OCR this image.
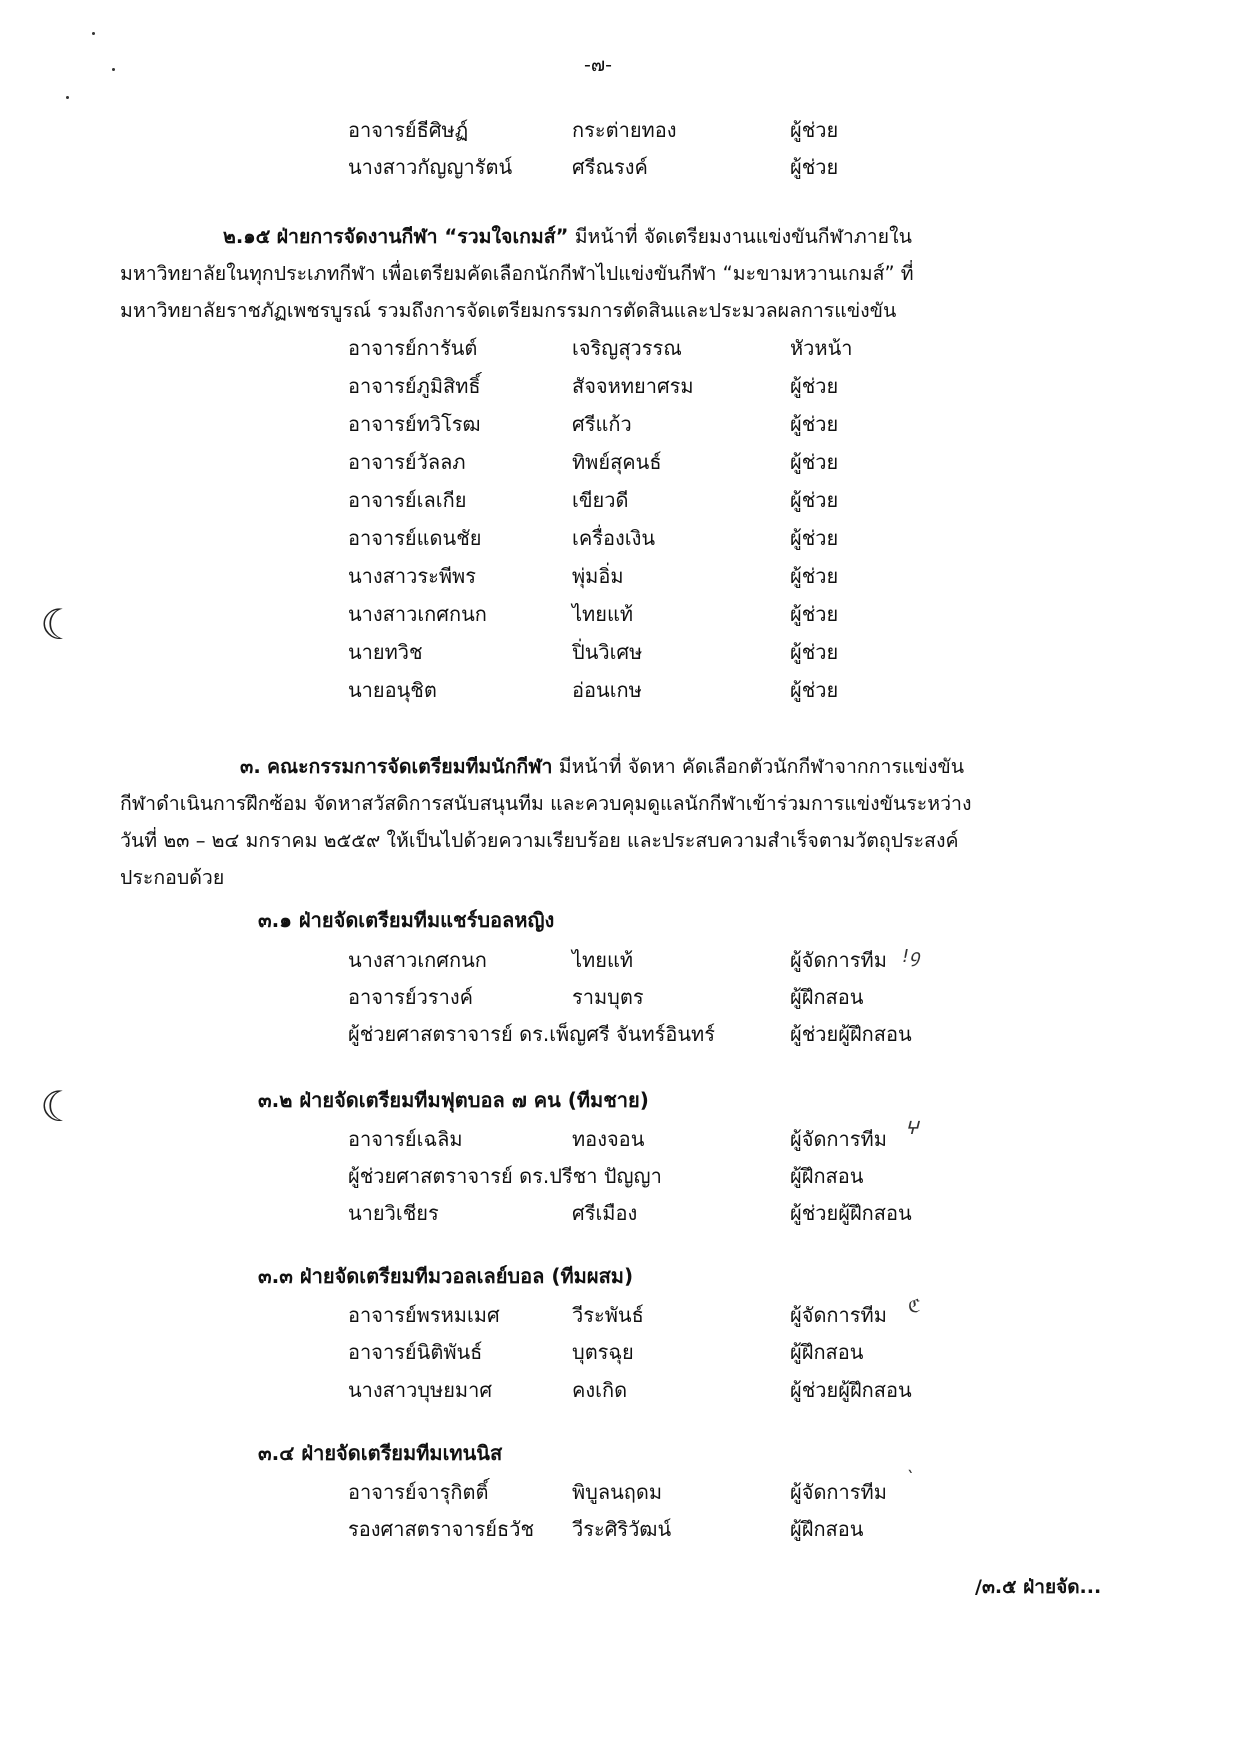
☾
☾
-๗-
อาจารย์ธีศิษฏ์	กระต่ายทอง	ผู้ช่วย
นางสาวกัญญารัตน์	ศรีณรงค์	ผู้ช่วย
๒.๑๕ ฝ่ายการจัดงานกีฬา “รวมใจเกมส์” มีหน้าที่ จัดเตรียมงานแข่งขันกีฬาภายใน
มหาวิทยาลัยในทุกประเภทกีฬา เพื่อเตรียมคัดเลือกนักกีฬาไปแข่งขันกีฬา “มะขามหวานเกมส์” ที่
มหาวิทยาลัยราชภัฏเพชรบูรณ์ รวมถึงการจัดเตรียมกรรมการตัดสินและประมวลผลการแข่งขัน
อาจารย์การันต์	เจริญสุวรรณ	หัวหน้า
อาจารย์ภูมิสิทธิ์	สัจจหทยาศรม	ผู้ช่วย
อาจารย์ทวิโรฒ	ศรีแก้ว	ผู้ช่วย
อาจารย์วัลลภ	ทิพย์สุคนธ์	ผู้ช่วย
อาจารย์เลเกีย	เขียวดี	ผู้ช่วย
อาจารย์แดนชัย	เครื่องเงิน	ผู้ช่วย
นางสาวระพีพร	พุ่มอิ่ม	ผู้ช่วย
นางสาวเกศกนก	ไทยแท้	ผู้ช่วย
นายทวิช	ปิ่นวิเศษ	ผู้ช่วย
นายอนุชิต	อ่อนเกษ	ผู้ช่วย
๓. คณะกรรมการจัดเตรียมทีมนักกีฬา มีหน้าที่ จัดหา คัดเลือกตัวนักกีฬาจากการแข่งขัน
กีฬาดำเนินการฝึกซ้อม จัดหาสวัสดิการสนับสนุนทีม และควบคุมดูแลนักกีฬาเข้าร่วมการแข่งขันระหว่าง
วันที่ ๒๓ – ๒๔ มกราคม ๒๕๕๙ ให้เป็นไปด้วยความเรียบร้อย และประสบความสำเร็จตามวัตถุประสงค์
ประกอบด้วย
๓.๑ ฝ่ายจัดเตรียมทีมแชร์บอลหญิง
นางสาวเกศกนก	ไทยแท้	ผู้จัดการทีม
อาจารย์วรางค์	รามบุตร	ผู้ฝึกสอน
ผู้ช่วยศาสตราจารย์ ดร.เพ็ญศรี จันทร์อินทร์	ผู้ช่วยผู้ฝึกสอน
!ꝯ
๓.๒ ฝ่ายจัดเตรียมทีมฟุตบอล ๗ คน (ทีมชาย)
อาจารย์เฉลิม	ทองจอน	ผู้จัดการทีม
ผู้ช่วยศาสตราจารย์ ดร.ปรีชา ปัญญา	ผู้ฝึกสอน
นายวิเชียร	ศรีเมือง	ผู้ช่วยผู้ฝึกสอน
ⵖ
๓.๓ ฝ่ายจัดเตรียมทีมวอลเลย์บอล (ทีมผสม)
อาจารย์พรหมเมศ	วีระพันธ์	ผู้จัดการทีม
อาจารย์นิติพันธ์	บุตรฉุย	ผู้ฝึกสอน
นางสาวบุษยมาศ	คงเกิด	ผู้ช่วยผู้ฝึกสอน
ℭ
๓.๔ ฝ่ายจัดเตรียมทีมเทนนิส
อาจารย์จารุกิตติ์	พิบูลนฤดม	ผู้จัดการทีม
รองศาสตราจารย์ธวัช วีระศิริวัฒน์	ผู้ฝึกสอน
ˋ
/๓.๕ ฝ่ายจัด...
